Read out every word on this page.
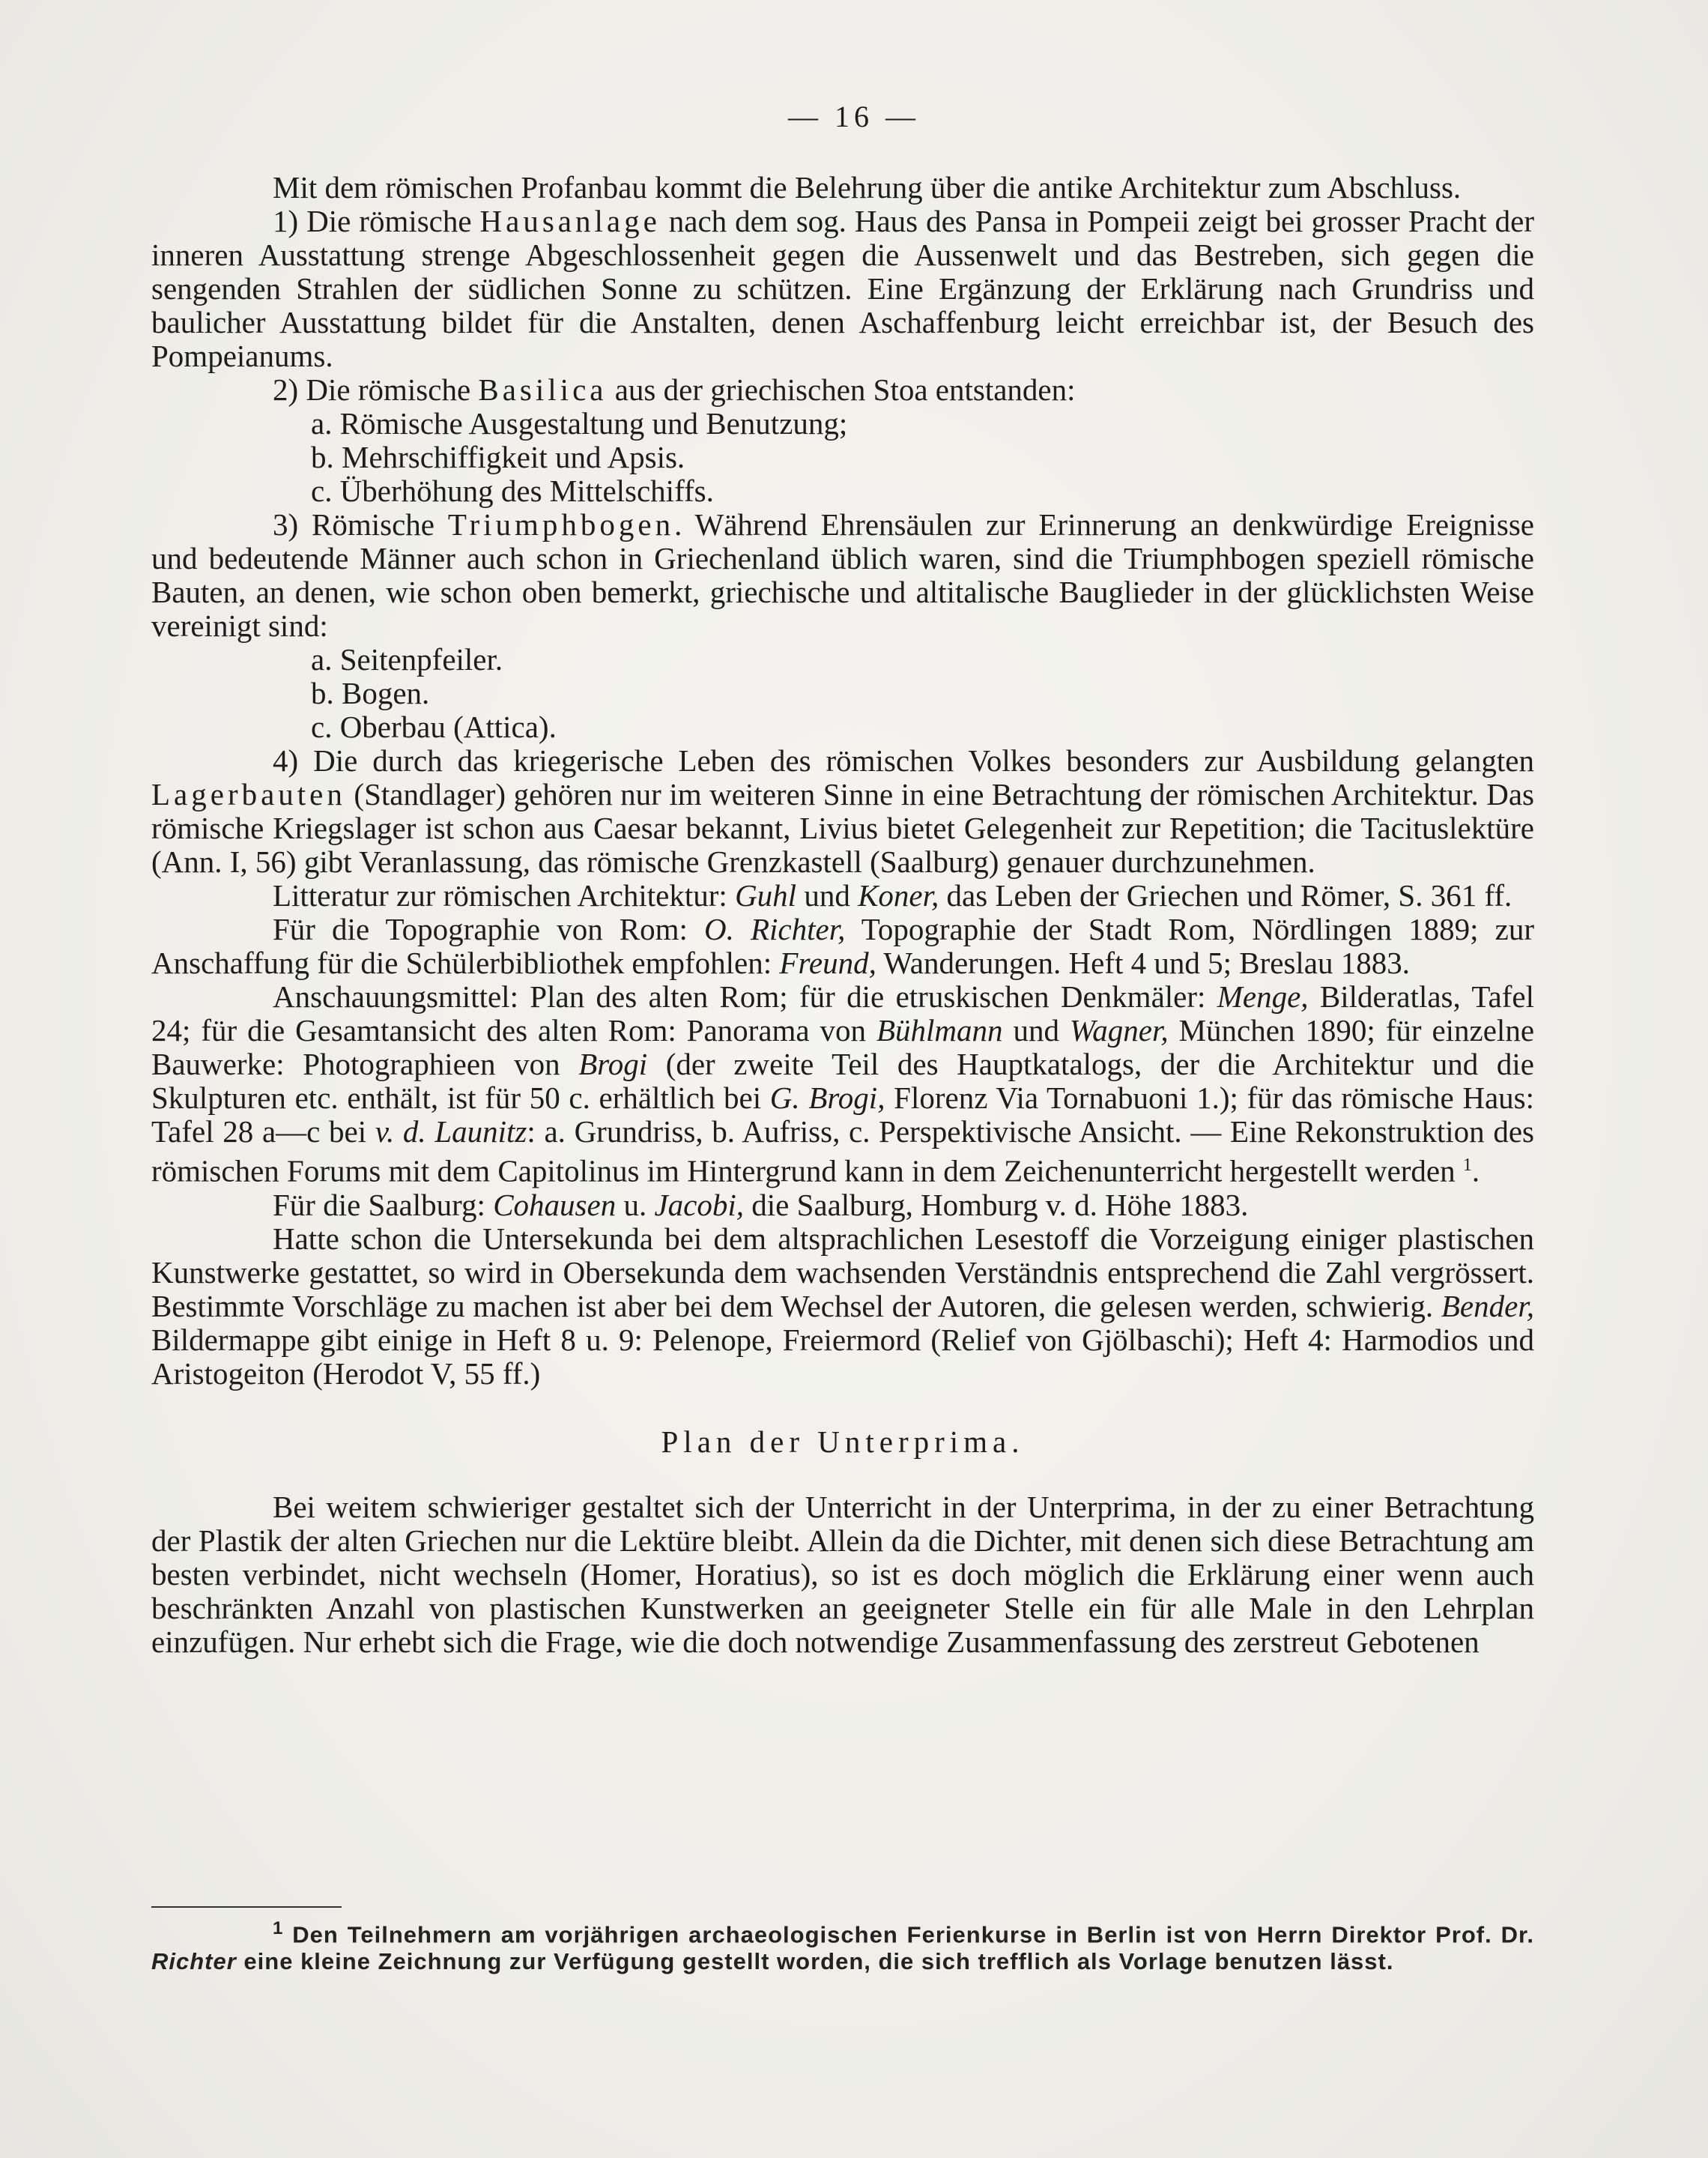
— 16 —

Mit dem römischen Profanbau kommt die Belehrung über die antike Architektur zum Abschluss.

1) Die römische Hausanlage nach dem sog. Haus des Pansa in Pompeii zeigt bei grosser Pracht der inneren Ausstattung strenge Abgeschlossenheit gegen die Aussenwelt und das Bestreben, sich gegen die sengenden Strahlen der südlichen Sonne zu schützen. Eine Ergänzung der Erklärung nach Grundriss und baulicher Ausstattung bildet für die Anstalten, denen Aschaffenburg leicht erreichbar ist, der Besuch des Pompeianums.

2) Die römische Basilica aus der griechischen Stoa entstanden:

a. Römische Ausgestaltung und Benutzung;

b. Mehrschiffigkeit und Apsis.

c. Überhöhung des Mittelschiffs.

3) Römische Triumphbogen. Während Ehrensäulen zur Erinnerung an denkwürdige Ereignisse und bedeutende Männer auch schon in Griechenland üblich waren, sind die Triumphbogen speziell römische Bauten, an denen, wie schon oben bemerkt, griechische und altitalische Bauglieder in der glücklichsten Weise vereinigt sind:

a. Seitenpfeiler.

b. Bogen.

c. Oberbau (Attica).

4) Die durch das kriegerische Leben des römischen Volkes besonders zur Ausbildung gelangten Lagerbauten (Standlager) gehören nur im weiteren Sinne in eine Betrachtung der römischen Architektur. Das römische Kriegslager ist schon aus Caesar bekannt, Livius bietet Gelegenheit zur Repetition; die Tacituslektüre (Ann. I, 56) gibt Veranlassung, das römische Grenzkastell (Saalburg) genauer durchzunehmen.

Litteratur zur römischen Architektur: Guhl und Koner, das Leben der Griechen und Römer, S. 361 ff.

Für die Topographie von Rom: O. Richter, Topographie der Stadt Rom, Nördlingen 1889; zur Anschaffung für die Schülerbibliothek empfohlen: Freund, Wanderungen. Heft 4 und 5; Breslau 1883.

Anschauungsmittel: Plan des alten Rom; für die etruskischen Denkmäler: Menge, Bilderatlas, Tafel 24; für die Gesamtansicht des alten Rom: Panorama von Bühlmann und Wagner, München 1890; für einzelne Bauwerke: Photographieen von Brogi (der zweite Teil des Hauptkatalogs, der die Architektur und die Skulpturen etc. enthält, ist für 50 c. erhältlich bei G. Brogi, Florenz Via Tornabuoni 1.); für das römische Haus: Tafel 28 a—c bei v. d. Launitz: a. Grundriss, b. Aufriss, c. Perspektivische Ansicht. — Eine Rekonstruktion des römischen Forums mit dem Capitolinus im Hintergrund kann in dem Zeichenunterricht hergestellt werden $^1$.

Für die Saalburg: Cohausen u. Jacobi, die Saalburg, Homburg v. d. Höhe 1883.

Hatte schon die Untersekunda bei dem altsprachlichen Lesestoff die Vorzeigung einiger plastischen Kunstwerke gestattet, so wird in Obersekunda dem wachsenden Verständnis entsprechend die Zahl vergrössert. Bestimmte Vorschläge zu machen ist aber bei dem Wechsel der Autoren, die gelesen werden, schwierig. Bender, Bildermappe gibt einige in Heft 8 u. 9: Pelenope, Freiermord (Relief von Gjölbaschi); Heft 4: Harmodios und Aristogeiton (Herodot V, 55 ff.)

Plan der Unterprima.

Bei weitem schwieriger gestaltet sich der Unterricht in der Unterprima, in der zu einer Betrachtung der Plastik der alten Griechen nur die Lektüre bleibt. Allein da die Dichter, mit denen sich diese Betrachtung am besten verbindet, nicht wechseln (Homer, Horatius), so ist es doch möglich die Erklärung einer wenn auch beschränkten Anzahl von plastischen Kunstwerken an geeigneter Stelle ein für alle Male in den Lehrplan einzufügen. Nur erhebt sich die Frage, wie die doch notwendige Zusammenfassung des zerstreut Gebotenen

$^1$ Den Teilnehmern am vorjährigen archaeologischen Ferienkurse in Berlin ist von Herrn Direktor Prof. Dr. Richter eine kleine Zeichnung zur Verfügung gestellt worden, die sich trefflich als Vorlage benutzen lässt.
